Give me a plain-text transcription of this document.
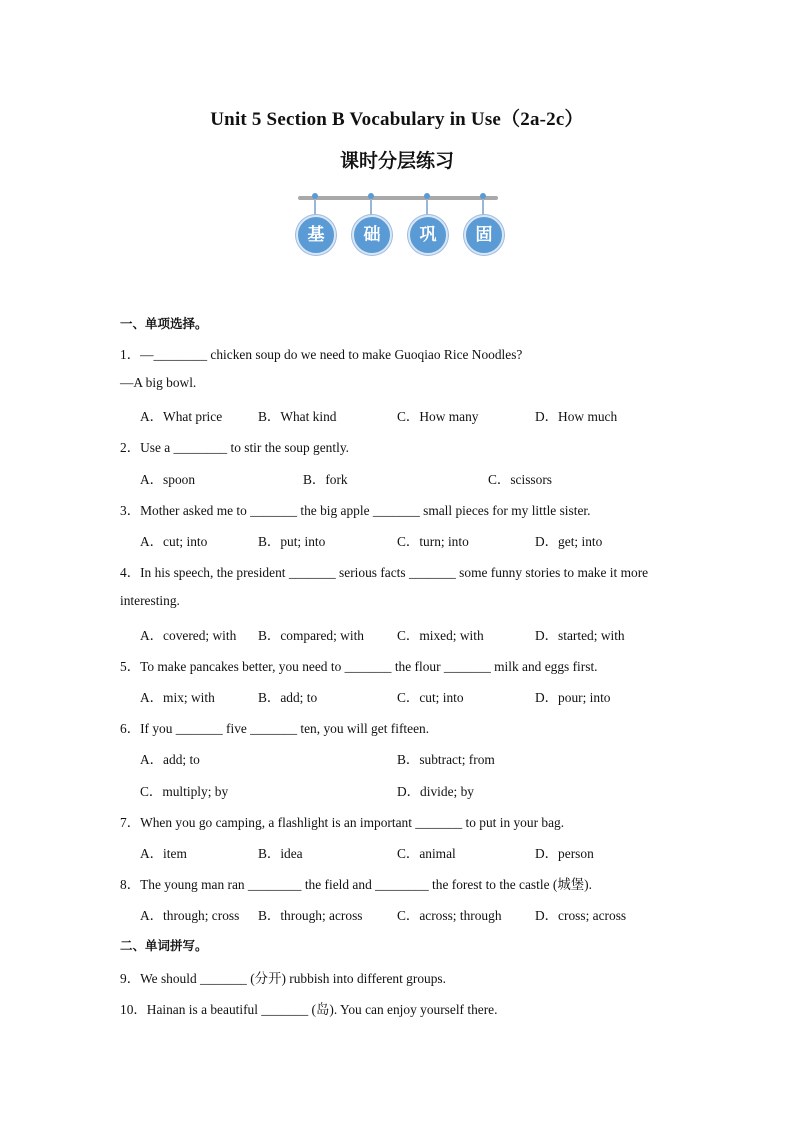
Unit 5 Section B Vocabulary in Use（2a-2c）
课时分层练习
基	础	巩	固
一、单项选择。
1．—________ chicken soup do we need to make Guoqiao Rice Noodles?
—A big bowl.
A．What price	B．What kind	C．How many	D．How much
2．Use a ________ to stir the soup gently.
A．spoon	B．fork	C．scissors
3．Mother asked me to _______ the big apple _______ small pieces for my little sister.
A．cut; into	B．put; into	C．turn; into	D．get; into
4．In his speech, the president _______ serious facts _______ some funny stories to make it more
interesting.
A．covered; with B．compared; with C．mixed; with	D．started; with
5．To make pancakes better, you need to _______ the flour _______ milk and eggs first.
A．mix; with	B．add; to	C．cut; into	D．pour; into
6．If you _______ five _______ ten, you will get fifteen.
A．add; to	B．subtract; from
C．multiply; by	D．divide; by
7．When you go camping, a flashlight is an important _______ to put in your bag.
A．item	B．idea	C．animal	D．person
8．The young man ran ________ the field and ________ the forest to the castle (城堡).
A．through; cross B．through; across	C．across; through D．cross; across
二、单词拼写。
9．We should _______ (分开) rubbish into different groups.
10．Hainan is a beautiful _______ (岛). You can enjoy yourself there.
